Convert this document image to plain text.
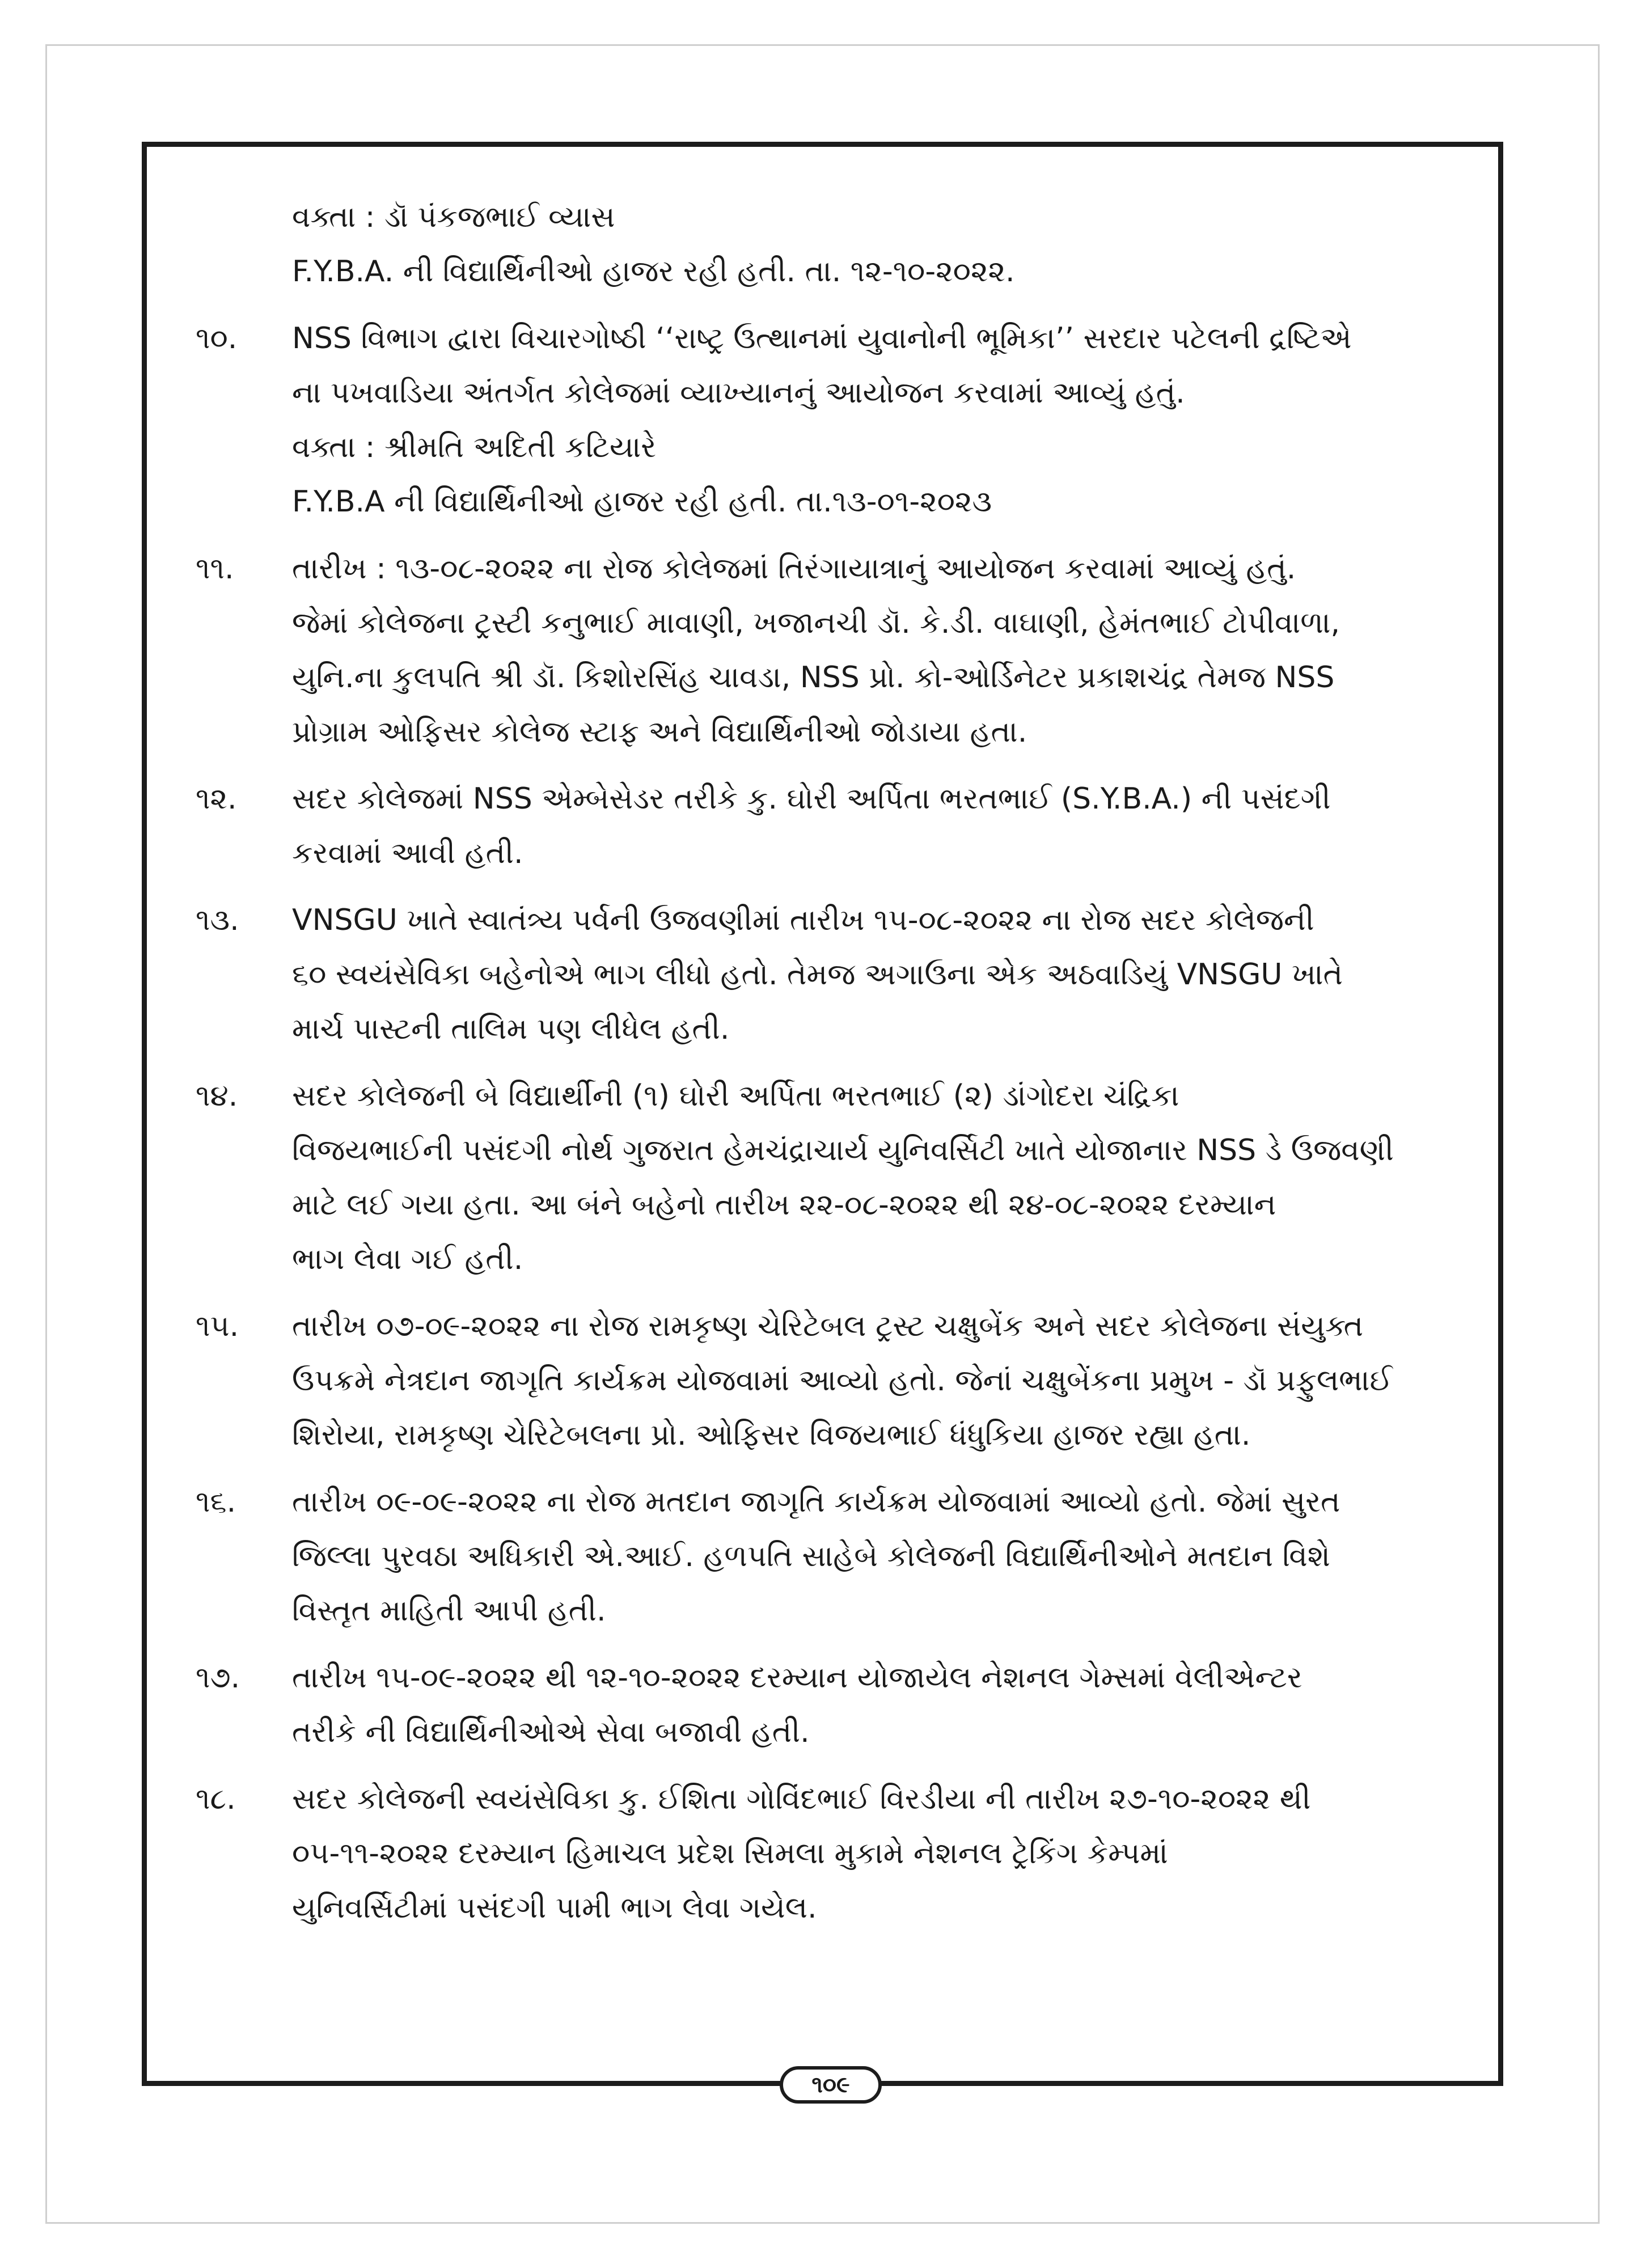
વક્તા : ડૉ પંકજભાઈ વ્યાસ
F.Y.B.A. ની વિદ્યાર્થિનીઓ હાજર રહી હતી. તા. ૧૨-૧૦-૨૦૨૨.
૧૦.	NSS વિભાગ દ્વારા વિચારગોષ્ઠી ‘‘રાષ્ટ્ર ઉત્થાનમાં યુવાનોની ભૂમિકા’’ સરદાર પટેલની દ્રષ્ટિએ
ના પખવાડિયા અંતર્ગત કોલેજમાં વ્યાખ્યાનનું આયોજન કરવામાં આવ્યું હતું.
વક્તા : શ્રીમતિ અદિતી કટિયારે
F.Y.B.A ની વિદ્યાર્થિનીઓ હાજર રહી હતી. તા.૧૩-૦૧-૨૦૨૩
૧૧.	તારીખ : ૧૩-૦૮-૨૦૨૨ ના રોજ કોલેજમાં તિરંગાયાત્રાનું આયોજન કરવામાં આવ્યું હતું.
જેમાં કોલેજના ટ્રસ્ટી કનુભાઈ માવાણી, ખજાનચી ડૉ. કે.ડી. વાઘાણી, હેમંતભાઈ ટોપીવાળા,
યુનિ.ના કુલપતિ શ્રી ડૉ. કિશોરસિંહ ચાવડા, NSS પ્રો. કો-ઓર્ડિનેટર પ્રકાશચંદ્ર તેમજ NSS
પ્રોગ્રામ ઓફિસર કોલેજ સ્ટાફ અને વિદ્યાર્થિનીઓ જોડાયા હતા.
૧૨.	સદર કોલેજમાં NSS એમ્બેસેડર તરીકે કુ. ઘોરી અર્પિતા ભરતભાઈ (S.Y.B.A.) ની પસંદગી
કરવામાં આવી હતી.
૧૩.	VNSGU ખાતે સ્વાતંત્ર્ય પર્વની ઉજવણીમાં તારીખ ૧૫-૦૮-૨૦૨૨ ના રોજ સદર કોલેજની
૬૦ સ્વયંસેવિકા બહેનોએ ભાગ લીધો હતો. તેમજ અગાઉના એક અઠવાડિયું VNSGU ખાતે
માર્ચ પાસ્ટની તાલિમ પણ લીધેલ હતી.
૧૪.	સદર કોલેજની બે વિદ્યાર્થીની (૧) ઘોરી અર્પિતા ભરતભાઈ (૨) ડાંગોદરા ચંદ્રિકા
વિજયભાઈની પસંદગી નોર્થ ગુજરાત હેમચંદ્રાચાર્ય યુનિવર્સિટી ખાતે યોજાનાર NSS ડે ઉજવણી
માટે લઈ ગયા હતા. આ બંને બહેનો તારીખ ૨૨-૦૮-૨૦૨૨ થી ૨૪-૦૮-૨૦૨૨ દરમ્યાન
ભાગ લેવા ગઈ હતી.
૧૫.	તારીખ ૦૭-૦૯-૨૦૨૨ ના રોજ રામકૃષ્ણ ચેરિટેબલ ટ્રસ્ટ ચક્ષુબેંક અને સદર કોલેજના સંયુક્ત
ઉપક્રમે નેત્રદાન જાગૃતિ કાર્યક્રમ યોજવામાં આવ્યો હતો. જેનાં ચક્ષુબેંકના પ્રમુખ - ડૉ પ્રફુલભાઈ
શિરોયા, રામકૃષ્ણ ચેરિટેબલના પ્રો. ઓફિસર વિજયભાઈ ધંધુકિયા હાજર રહ્યા હતા.
૧૬.	તારીખ ૦૯-૦૯-૨૦૨૨ ના રોજ મતદાન જાગૃતિ કાર્યક્રમ યોજવામાં આવ્યો હતો. જેમાં સુરત
જિલ્લા પુરવઠા અધિકારી એ.આઈ. હળપતિ સાહેબે કોલેજની વિદ્યાર્થિનીઓને મતદાન વિશે
વિસ્તૃત માહિતી આપી હતી.
૧૭.	તારીખ ૧૫-૦૯-૨૦૨૨ થી ૧૨-૧૦-૨૦૨૨ દરમ્યાન યોજાયેલ નેશનલ ગેમ્સમાં વેલીએન્ટર
તરીકે ની વિદ્યાર્થિનીઓએ સેવા બજાવી હતી.
૧૮.	સદર કોલેજની સ્વયંસેવિકા કુ. ઈશિતા ગોવિંદભાઈ વિરડીયા ની તારીખ ૨૭-૧૦-૨૦૨૨ થી
૦૫-૧૧-૨૦૨૨ દરમ્યાન હિમાચલ પ્રદેશ સિમલા મુકામે નેશનલ ટ્રેકિંગ કેમ્પમાં
યુનિવર્સિટીમાં પસંદગી પામી ભાગ લેવા ગયેલ.
૧૦૯
